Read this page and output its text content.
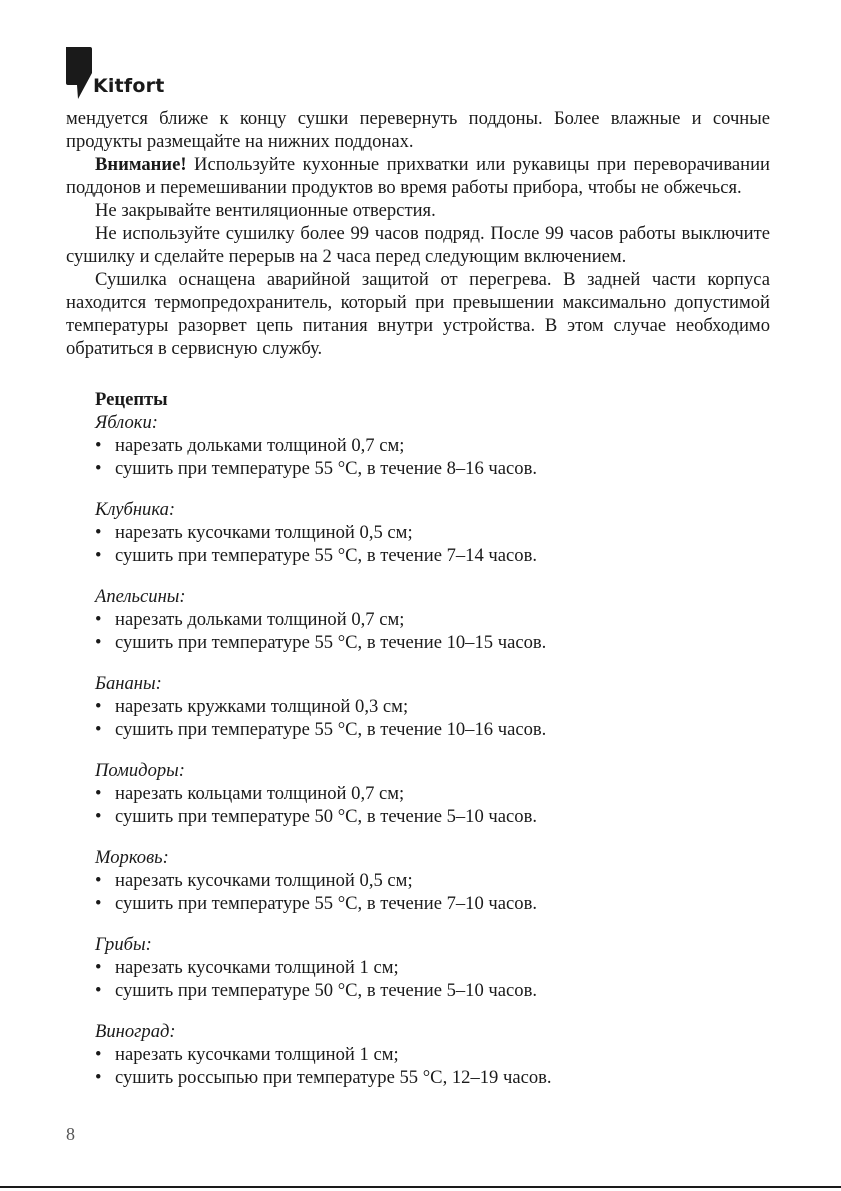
Kitfort

мендуется ближе к концу сушки перевернуть поддоны. Более влажные и сочные продукты размещайте на нижних поддонах.

Внимание! Используйте кухонные прихватки или рукавицы при переворачивании поддонов и перемешивании продуктов во время работы прибора, чтобы не обжечься.

Не закрывайте вентиляционные отверстия.

Не используйте сушилку более 99 часов подряд. После 99 часов работы выключите сушилку и сделайте перерыв на 2 часа перед следующим включением.

Сушилка оснащена аварийной защитой от перегрева. В задней части корпуса находится термопредохранитель, который при превышении максимально допустимой температуры разорвет цепь питания внутри устройства. В этом случае необходимо обратиться в сервисную службу.

Рецепты

Яблоки:

• нарезать дольками толщиной 0,7 см;

• сушить при температуре 55 °C, в течение 8–16 часов.

Клубника:

• нарезать кусочками толщиной 0,5 см;

• сушить при температуре 55 °C, в течение 7–14 часов.

Апельсины:

• нарезать дольками толщиной 0,7 см;

• сушить при температуре 55 °C, в течение 10–15 часов.

Бананы:

• нарезать кружками толщиной 0,3 см;

• сушить при температуре 55 °C, в течение 10–16 часов.

Помидоры:

• нарезать кольцами толщиной 0,7 см;

• сушить при температуре 50 °C, в течение 5–10 часов.

Морковь:

• нарезать кусочками толщиной 0,5 см;

• сушить при температуре 55 °C, в течение 7–10 часов.

Грибы:

• нарезать кусочками толщиной 1 см;

• сушить при температуре 50 °C, в течение 5–10 часов.

Виноград:

• нарезать кусочками толщиной 1 см;

• сушить россыпью при температуре 55 °C, 12–19 часов.

8
